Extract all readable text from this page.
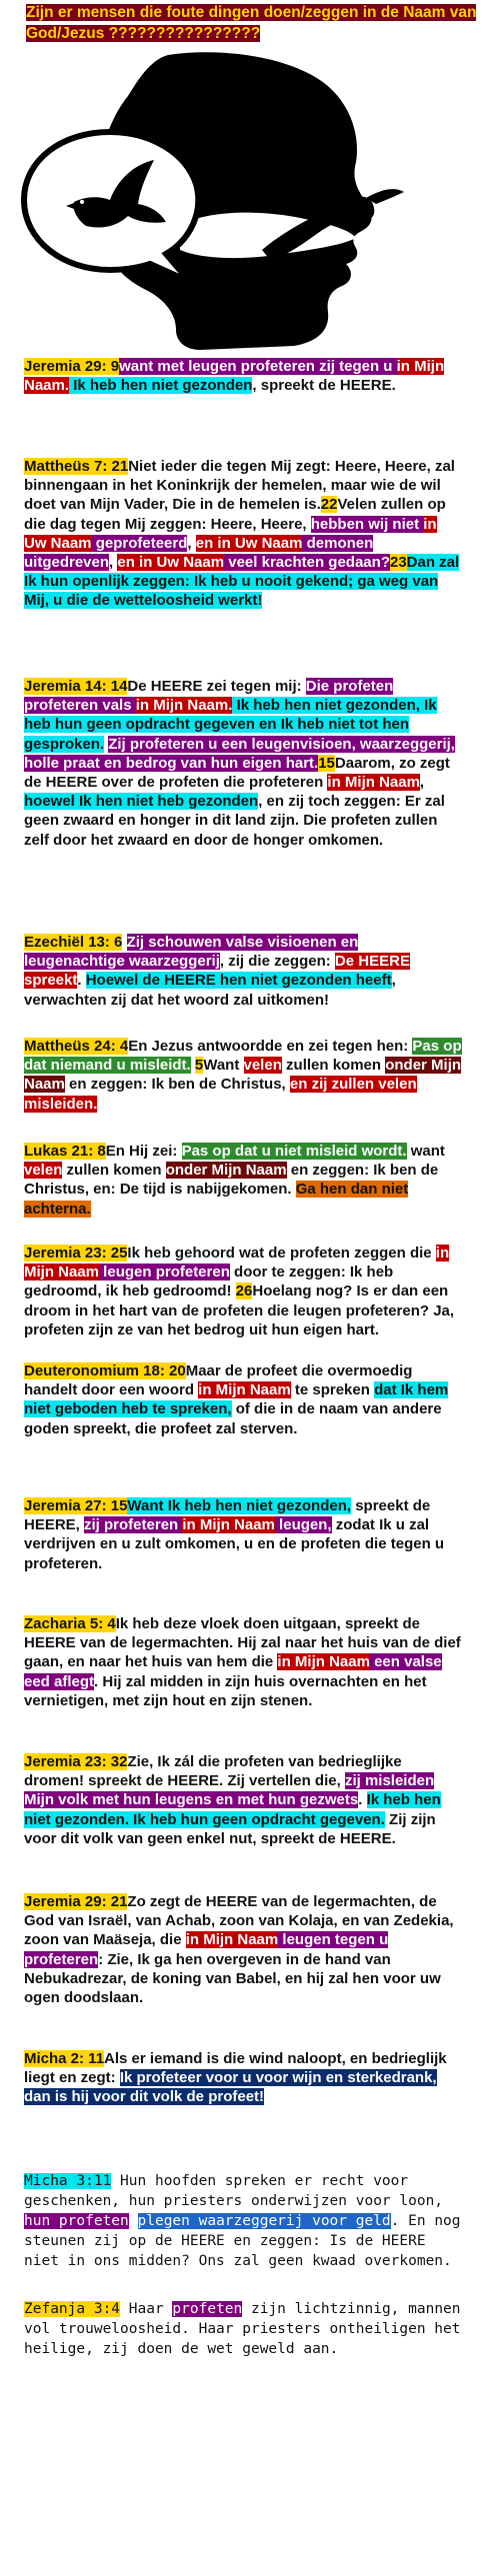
Zijn er mensen die foute dingen doen/zeggen in de Naam van God/Jezus ????????????????
Jeremia 29: 9want met leugen profeteren zij tegen u in Mijn Naam. Ik heb hen niet gezonden, spreekt de HEERE.
Mattheüs 7: 21Niet ieder die tegen Mij zegt: Heere, Heere, zal binnengaan in het Koninkrijk der hemelen, maar wie de wil doet van Mijn Vader, Die in de hemelen is.22Velen zullen op die dag tegen Mij zeggen: Heere, Heere, hebben wij niet in Uw Naam geprofeteerd, en in Uw Naam demonen uitgedreven, en in Uw Naam veel krachten gedaan?23Dan zal Ik hun openlijk zeggen: Ik heb u nooit gekend; ga weg van Mij, u die de wetteloosheid werkt!
Jeremia 14: 14De HEERE zei tegen mij: Die profeten profeteren vals in Mijn Naam. Ik heb hen niet gezonden, Ik heb hun geen opdracht gegeven en Ik heb niet tot hen gesproken. Zij profeteren u een leugenvisioen, waarzeggerij, holle praat en bedrog van hun eigen hart.15Daarom, zo zegt de HEERE over de profeten die profeteren in Mijn Naam, hoewel Ik hen niet heb gezonden, en zij toch zeggen: Er zal geen zwaard en honger in dit land zijn. Die profeten zullen zelf door het zwaard en door de honger omkomen.
Ezechiël 13: 6 Zij schouwen valse visioenen en leugenachtige waarzeggerij, zij die zeggen: De HEERE spreekt. Hoewel de HEERE hen niet gezonden heeft, verwachten zij dat het woord zal uitkomen!
Mattheüs 24: 4En Jezus antwoordde en zei tegen hen: Pas op dat niemand u misleidt. 5Want velen zullen komen onder Mijn Naam en zeggen: Ik ben de Christus, en zij zullen velen misleiden.
Lukas 21: 8En Hij zei: Pas op dat u niet misleid wordt. want velen zullen komen onder Mijn Naam en zeggen: Ik ben de Christus, en: De tijd is nabijgekomen. Ga hen dan niet achterna.
Jeremia 23: 25Ik heb gehoord wat de profeten zeggen die in Mijn Naam leugen profeteren door te zeggen: Ik heb gedroomd, ik heb gedroomd! 26Hoelang nog? Is er dan een droom in het hart van de profeten die leugen profeteren? Ja, profeten zijn ze van het bedrog uit hun eigen hart.
Deuteronomium 18: 20Maar de profeet die overmoedig handelt door een woord in Mijn Naam te spreken dat Ik hem niet geboden heb te spreken, of die in de naam van andere goden spreekt, die profeet zal sterven.
Jeremia 27: 15Want Ik heb hen niet gezonden, spreekt de HEERE, zij profeteren in Mijn Naam leugen, zodat Ik u zal verdrijven en u zult omkomen, u en de profeten die tegen u profeteren.
Zacharia 5: 4Ik heb deze vloek doen uitgaan, spreekt de HEERE van de legermachten. Hij zal naar het huis van de dief gaan, en naar het huis van hem die in Mijn Naam een valse eed aflegt. Hij zal midden in zijn huis overnachten en het vernietigen, met zijn hout en zijn stenen.
Jeremia 23: 32Zie, Ik zál die profeten van bedrieglijke dromen! spreekt de HEERE. Zij vertellen die, zij misleiden Mijn volk met hun leugens en met hun gezwets. Ik heb hen niet gezonden. Ik heb hun geen opdracht gegeven. Zij zijn voor dit volk van geen enkel nut, spreekt de HEERE.
Jeremia 29: 21Zo zegt de HEERE van de legermachten, de God van Israël, van Achab, zoon van Kolaja, en van Zedekia, zoon van Maäseja, die in Mijn Naam leugen tegen u profeteren: Zie, Ik ga hen overgeven in de hand van Nebukadrezar, de koning van Babel, en hij zal hen voor uw ogen doodslaan.
Micha 2: 11Als er iemand is die wind naloopt, en bedrieglijk liegt en zegt: Ik profeteer voor u voor wijn en sterkedrank, dan is hij voor dit volk de profeet!
Micha 3:11 Hun hoofden spreken er recht voor geschenken, hun priesters onderwijzen voor loon, hun profeten plegen waarzeggerij voor geld. En nog steunen zij op de HEERE en zeggen: Is de HEERE niet in ons midden? Ons zal geen kwaad overkomen.
Zefanja 3:4 Haar profeten zijn lichtzinnig, mannen vol trouweloosheid. Haar priesters ontheiligen het heilige, zij doen de wet geweld aan.
